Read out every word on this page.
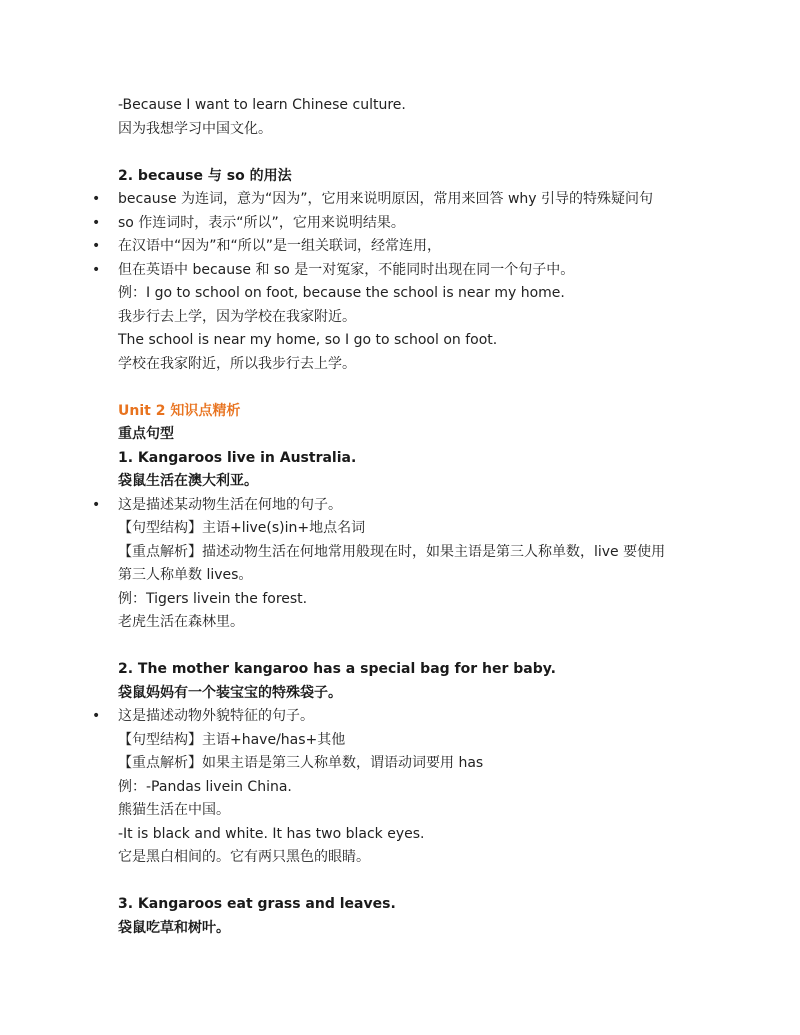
-Because I want to learn Chinese culture.
因为我想学习中国文化。
2. because 与 so 的用法
• because 为连词，意为“因为”，它用来说明原因，常用来回答 why 引导的特殊疑问句
• so 作连词时，表示“所以”，它用来说明结果。
• 在汉语中“因为”和“所以”是一组关联词，经常连用，
• 但在英语中 because 和 so 是一对冤家，不能同时出现在同一个句子中。
例：I go to school on foot, because the school is near my home.
我步行去上学，因为学校在我家附近。
The school is near my home, so I go to school on foot.
学校在我家附近，所以我步行去上学。
Unit 2 知识点精析
重点句型
1. Kangaroos live in Australia.
袋鼠生活在澳大利亚。
• 这是描述某动物生活在何地的句子。
【句型结构】主语+live(s)in+地点名词
【重点解析】描述动物生活在何地常用般现在时，如果主语是第三人称单数，live 要使用
第三人称单数 lives。
例：Tigers livein the forest.
老虎生活在森林里。
2. The mother kangaroo has a special bag for her baby.
袋鼠妈妈有一个装宝宝的特殊袋子。
• 这是描述动物外貌特征的句子。
【句型结构】主语+have/has+其他
【重点解析】如果主语是第三人称单数，谓语动词要用 has
例：-Pandas livein China.
熊猫生活在中国。
-It is black and white. It has two black eyes.
它是黑白相间的。它有两只黑色的眼睛。
3. Kangaroos eat grass and leaves.
袋鼠吃草和树叶。
